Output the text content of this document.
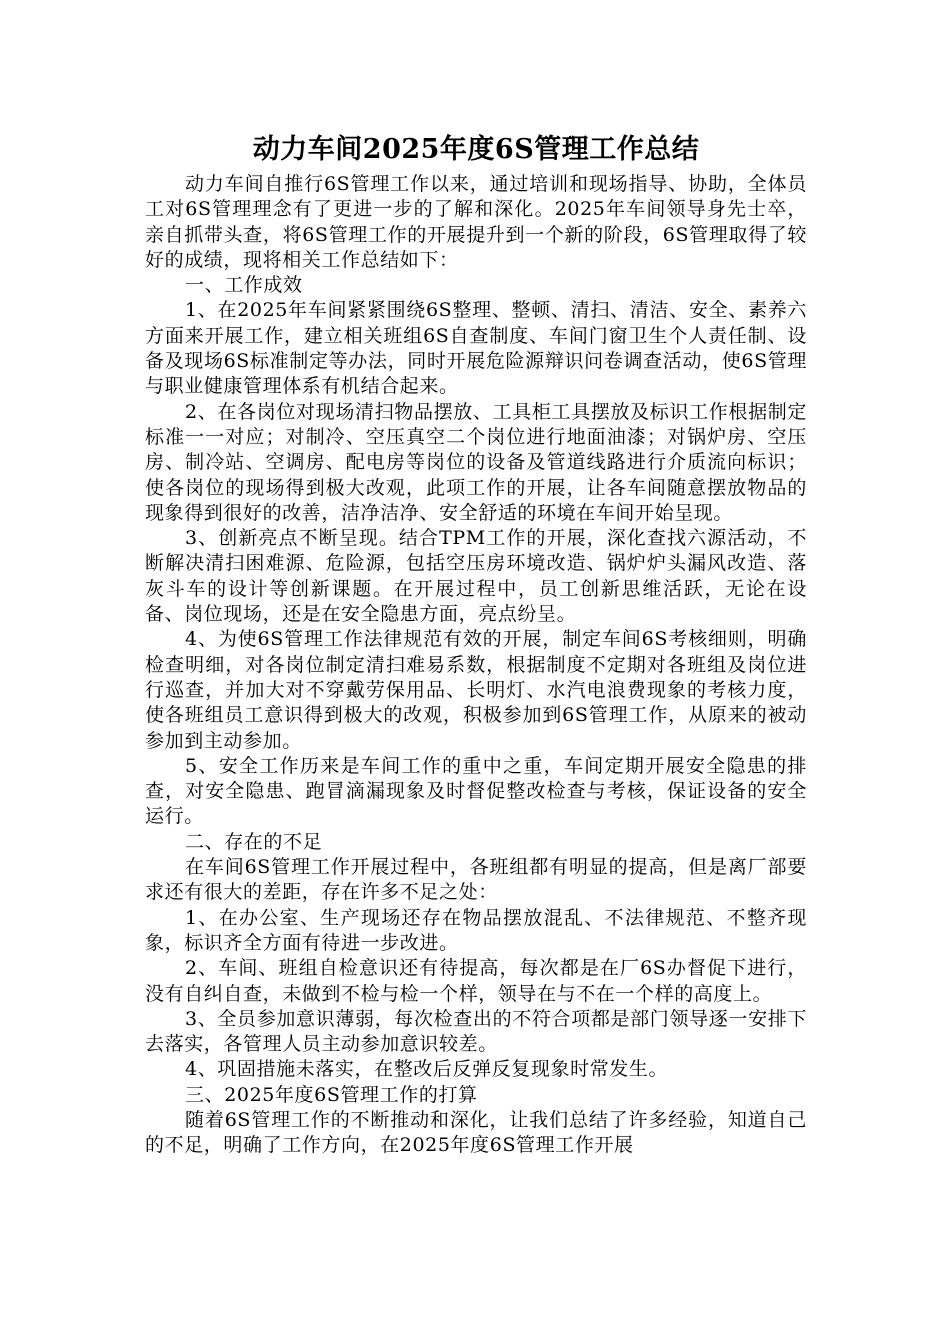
动力车间2025年度6S管理工作总结

动力车间自推行6S管理工作以来，通过培训和现场指导、协助，全体员工对6S管理理念有了更进一步的了解和深化。2025年车间领导身先士卒，亲自抓带头查，将6S管理工作的开展提升到一个新的阶段，6S管理取得了较好的成绩，现将相关工作总结如下：

一、工作成效

1、在2025年车间紧紧围绕6S整理、整顿、清扫、清洁、安全、素养六方面来开展工作，建立相关班组6S自查制度、车间门窗卫生个人责任制、设备及现场6S标准制定等办法，同时开展危险源辩识问卷调查活动，使6S管理与职业健康管理体系有机结合起来。

2、在各岗位对现场清扫物品摆放、工具柜工具摆放及标识工作根据制定标准一一对应；对制冷、空压真空二个岗位进行地面油漆；对锅炉房、空压房、制冷站、空调房、配电房等岗位的设备及管道线路进行介质流向标识；使各岗位的现场得到极大改观，此项工作的开展，让各车间随意摆放物品的现象得到很好的改善，洁净洁净、安全舒适的环境在车间开始呈现。

3、创新亮点不断呈现。结合TPM工作的开展，深化查找六源活动，不断解决清扫困难源、危险源，包括空压房环境改造、锅炉炉头漏风改造、落灰斗车的设计等创新课题。在开展过程中，员工创新思维活跃，无论在设备、岗位现场，还是在安全隐患方面，亮点纷呈。

4、为使6S管理工作法律规范有效的开展，制定车间6S考核细则，明确检查明细，对各岗位制定清扫难易系数，根据制度不定期对各班组及岗位进行巡查，并加大对不穿戴劳保用品、长明灯、水汽电浪费现象的考核力度，使各班组员工意识得到极大的改观，积极参加到6S管理工作，从原来的被动参加到主动参加。

5、安全工作历来是车间工作的重中之重，车间定期开展安全隐患的排查，对安全隐患、跑冒滴漏现象及时督促整改检查与考核，保证设备的安全运行。

二、存在的不足

在车间6S管理工作开展过程中，各班组都有明显的提高，但是离厂部要求还有很大的差距，存在许多不足之处：

1、在办公室、生产现场还存在物品摆放混乱、不法律规范、不整齐现象，标识齐全方面有待进一步改进。

2、车间、班组自检意识还有待提高，每次都是在厂6S办督促下进行，没有自纠自查，未做到不检与检一个样，领导在与不在一个样的高度上。

3、全员参加意识薄弱，每次检查出的不符合项都是部门领导逐一安排下去落实，各管理人员主动参加意识较差。

4、巩固措施未落实，在整改后反弹反复现象时常发生。

三、2025年度6S管理工作的打算

随着6S管理工作的不断推动和深化，让我们总结了许多经验，知道自己的不足，明确了工作方向，在2025年度6S管理工作开展
